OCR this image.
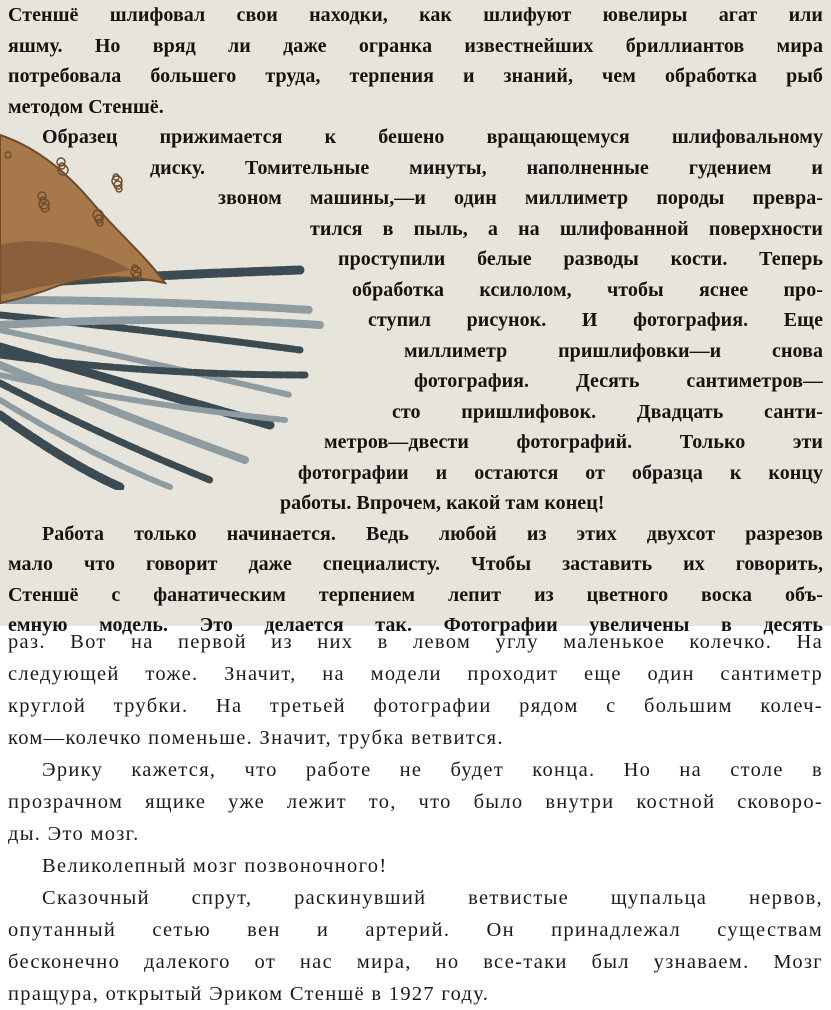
Стеншё шлифовал свои находки, как шлифуют ювелиры агат или
яшму. Но вряд ли даже огранка известнейших бриллиантов мира
потребовала большего труда, терпения и знаний, чем обработка рыб
методом Стеншё.
Образец прижимается к бешено вращающемуся шлифовальному
диску. Томительные минуты, наполненные гудением и
звоном машины,—и один миллиметр породы превра-
тился в пыль, а на шлифованной поверхности
проступили белые разводы кости. Теперь
обработка ксилолом, чтобы яснее про-
ступил рисунок. И фотография. Еще
миллиметр пришлифовки—и снова
фотография. Десять сантиметров—
сто пришлифовок. Двадцать санти-
метров—двести фотографий. Только эти
фотографии и остаются от образца к концу
работы. Впрочем, какой там конец!
Работа только начинается. Ведь любой из этих двухсот разрезов
мало что говорит даже специалисту. Чтобы заставить их говорить,
Стеншё с фанатическим терпением лепит из цветного воска объ-
емную модель. Это делается так. Фотографии увеличены в десять
раз. Вот на первой из них в левом углу маленькое колечко. На
следующей тоже. Значит, на модели проходит еще один сантиметр
круглой трубки. На третьей фотографии рядом с большим колеч-
ком—колечко поменьше. Значит, трубка ветвится.
Эрику кажется, что работе не будет конца. Но на столе в
прозрачном ящике уже лежит то, что было внутри костной сковоро-
ды. Это мозг.
Великолепный мозг позвоночного!
Сказочный спрут, раскинувший ветвистые щупальца нервов,
опутанный сетью вен и артерий. Он принадлежал существам
бесконечно далекого от нас мира, но все-таки был узнаваем. Мозг
пращура, открытый Эриком Стеншё в 1927 году.
